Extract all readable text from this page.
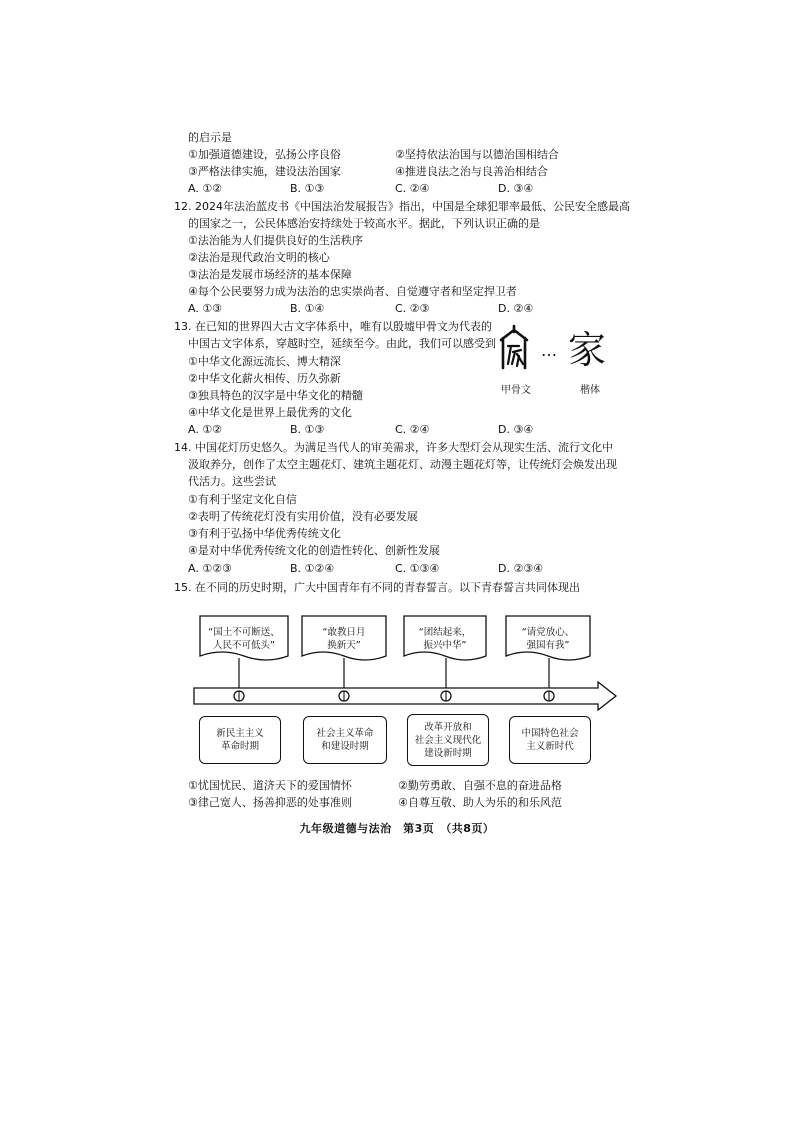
的启示是
①加强道德建设，弘扬公序良俗	②坚持依法治国与以德治国相结合
③严格法律实施，建设法治国家	④推进良法之治与良善治相结合
A. ①②	B. ①③	C. ②④	D. ③④
12. 2024年法治蓝皮书《中国法治发展报告》指出，中国是全球犯罪率最低、公民安全感最高
的国家之一，公民体感治安持续处于较高水平。据此，下列认识正确的是
①法治能为人们提供良好的生活秩序
②法治是现代政治文明的核心
③法治是发展市场经济的基本保障
④每个公民要努力成为法治的忠实崇尚者、自觉遵守者和坚定捍卫者
A. ①③	B. ①④	C. ②③	D. ②④
13. 在已知的世界四大古文字体系中，唯有以殷墟甲骨文为代表的
中国古文字体系，穿越时空，延续至今。由此，我们可以感受到
①中华文化源远流长、博大精深
②中华文化薪火相传、历久弥新
③独具特色的汉字是中华文化的精髓
④中华文化是世界上最优秀的文化
A. ①②	B. ①③	C. ②④	D. ③④
… 家
甲骨文	楷体
14. 中国花灯历史悠久。为满足当代人的审美需求，许多大型灯会从现实生活、流行文化中
汲取养分，创作了太空主题花灯、建筑主题花灯、动漫主题花灯等，让传统灯会焕发出现
代活力。这些尝试
①有利于坚定文化自信
②表明了传统花灯没有实用价值，没有必要发展
③有利于弘扬中华优秀传统文化
④是对中华优秀传统文化的创造性转化、创新性发展
A. ①②③	B. ①②④	C. ①③④	D. ②③④
15. 在不同的历史时期，广大中国青年有不同的青春誓言。以下青春誓言共同体现出
“国土不可断送、
人民不可低头”
“敢教日月
换新天”
“团结起来，
振兴中华”
“请党放心、
强国有我”
新民主主义
革命时期
社会主义革命
和建设时期
改革开放和
社会主义现代化
建设新时期
中国特色社会
主义新时代
①忧国忧民、道济天下的爱国情怀	②勤劳勇敢、自强不息的奋进品格
③律己宽人、扬善抑恶的处事准则	④自尊互敬、助人为乐的和乐风范
九年级道德与法治　第3页　（共8页）
